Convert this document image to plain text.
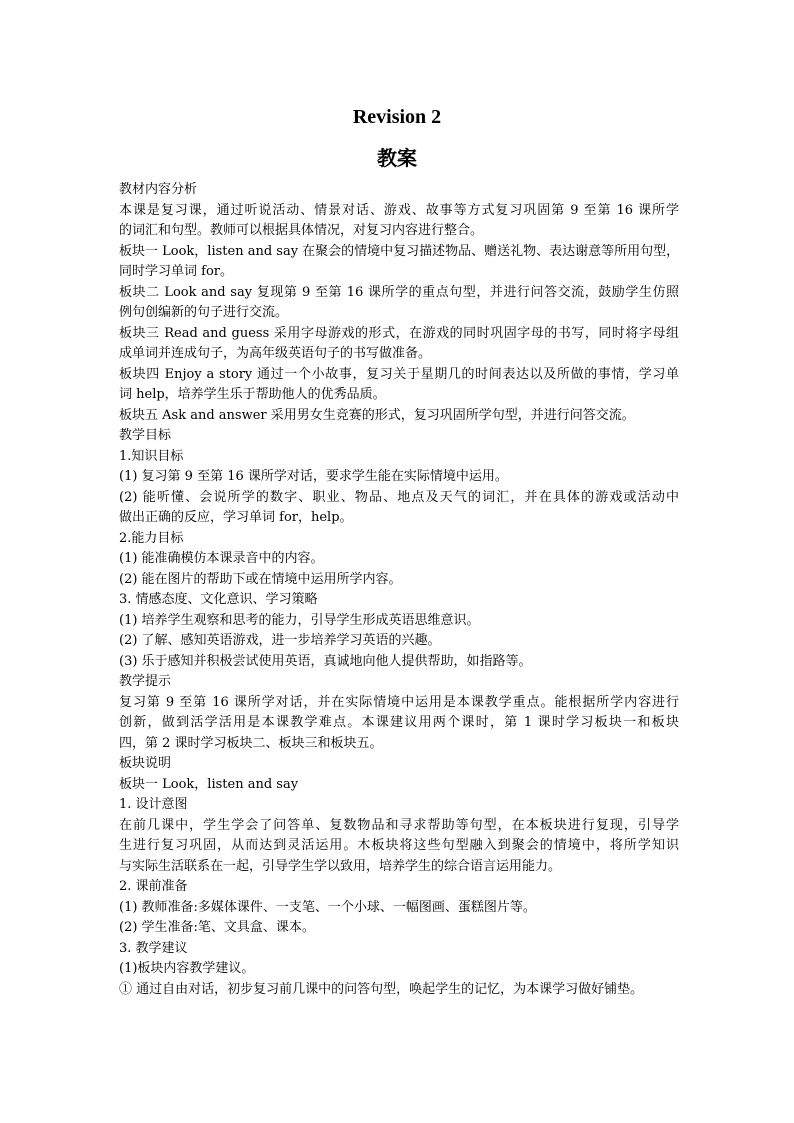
Revision 2
教案
教材内容分析
本课是复习课，通过听说活动、情景对话、游戏、故事等方式复习巩固第 9 至第 16 课所学
的词汇和句型。教师可以根据具体情况，对复习内容进行整合。
板块一 Look，listen and say 在聚会的情境中复习描述物品、赠送礼物、表达谢意等所用句型，
同时学习单词 for。
板块二 Look and say 复现第 9 至第 16 课所学的重点句型，并进行问答交流，鼓励学生仿照
例句创编新的句子进行交流。
板块三 Read and guess 采用字母游戏的形式，在游戏的同时巩固字母的书写，同时将字母组
成单词并连成句子，为高年级英语句子的书写做准备。
板块四 Enjoy a story 通过一个小故事，复习关于星期几的时间表达以及所做的事情，学习单
词 help，培养学生乐于帮助他人的优秀品质。
板块五 Ask and answer 采用男女生竞赛的形式，复习巩固所学句型，并进行问答交流。
教学目标
1.知识目标
(1) 复习第 9 至第 16 课所学对话，要求学生能在实际情境中运用。
(2) 能听懂、会说所学的数字、职业、物品、地点及天气的词汇，并在具体的游戏或活动中
做出正确的反应，学习单词 for，help。
2.能力目标
(1) 能准确模仿本课录音中的内容。
(2) 能在图片的帮助下或在情境中运用所学内容。
3. 情感态度、文化意识、学习策略
(1) 培养学生观察和思考的能力，引导学生形成英语思维意识。
(2) 了解、感知英语游戏，进一步培养学习英语的兴趣。
(3) 乐于感知并积极尝试使用英语，真诚地向他人提供帮助，如指路等。
教学提示
复习第 9 至第 16 课所学对话，并在实际情境中运用是本课教学重点。能根据所学内容进行
创新，做到活学活用是本课教学难点。本课建议用两个课时，第 1 课时学习板块一和板块
四，第 2 课时学习板块二、板块三和板块五。
板块说明
板块一 Look，listen and say
1. 设计意图
在前几课中，学生学会了问答单、复数物品和寻求帮助等句型，在本板块进行复现，引导学
生进行复习巩固，从而达到灵活运用。木板块将这些句型融入到聚会的情境中，将所学知识
与实际生活联系在一起，引导学生学以致用，培养学生的综合语言运用能力。
2. 课前准备
(1) 教师准备:多媒体课件、一支笔、一个小球、一幅图画、蛋糕图片等。
(2) 学生准备:笔、文具盒、课本。
3. 教学建议
(1)板块内容教学建议。
① 通过自由对话，初步复习前几课中的问答句型，唤起学生的记忆，为本课学习做好铺垫。
